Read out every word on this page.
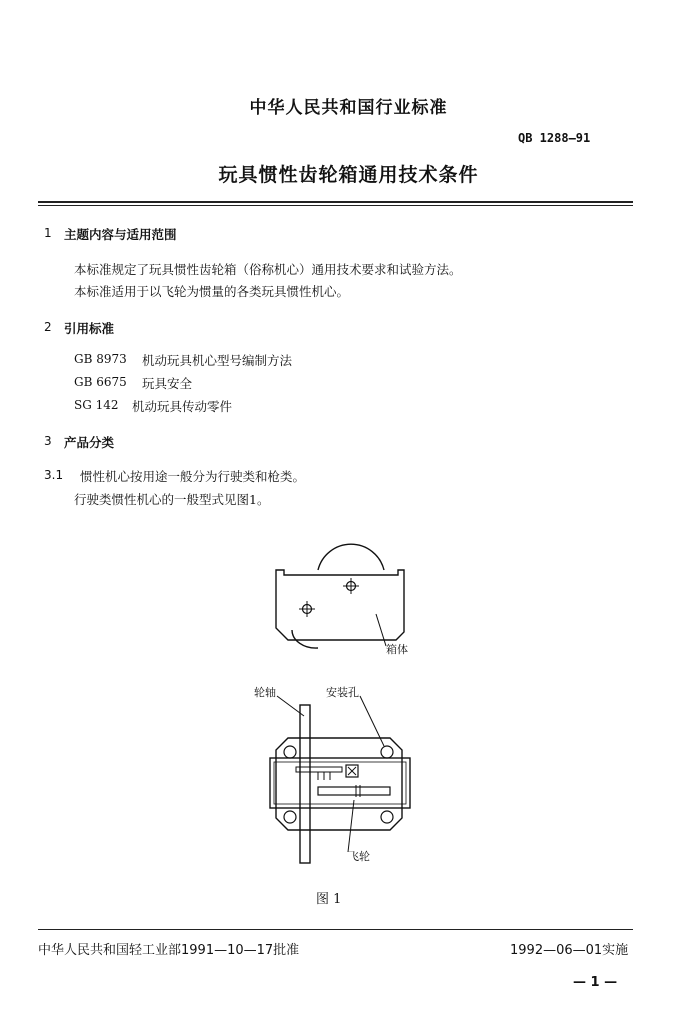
中华人民共和国行业标准
QB 1288—91
玩具惯性齿轮箱通用技术条件
1 主题内容与适用范围
本标准规定了玩具惯性齿轮箱（俗称机心）通用技术要求和试验方法。
本标准适用于以飞轮为惯量的各类玩具惯性机心。
2 引用标准
GB 8973 机动玩具机心型号编制方法
GB 6675 玩具安全
SG 142 机动玩具传动零件
3 产品分类
3.1 惯性机心按用途一般分为行驶类和枪类。
行驶类惯性机心的一般型式见图1。
箱体
轮轴	安装孔
飞轮
图 1
中华人民共和国轻工业部1991—10—17批准	1992—06—01实施
— 1 —
